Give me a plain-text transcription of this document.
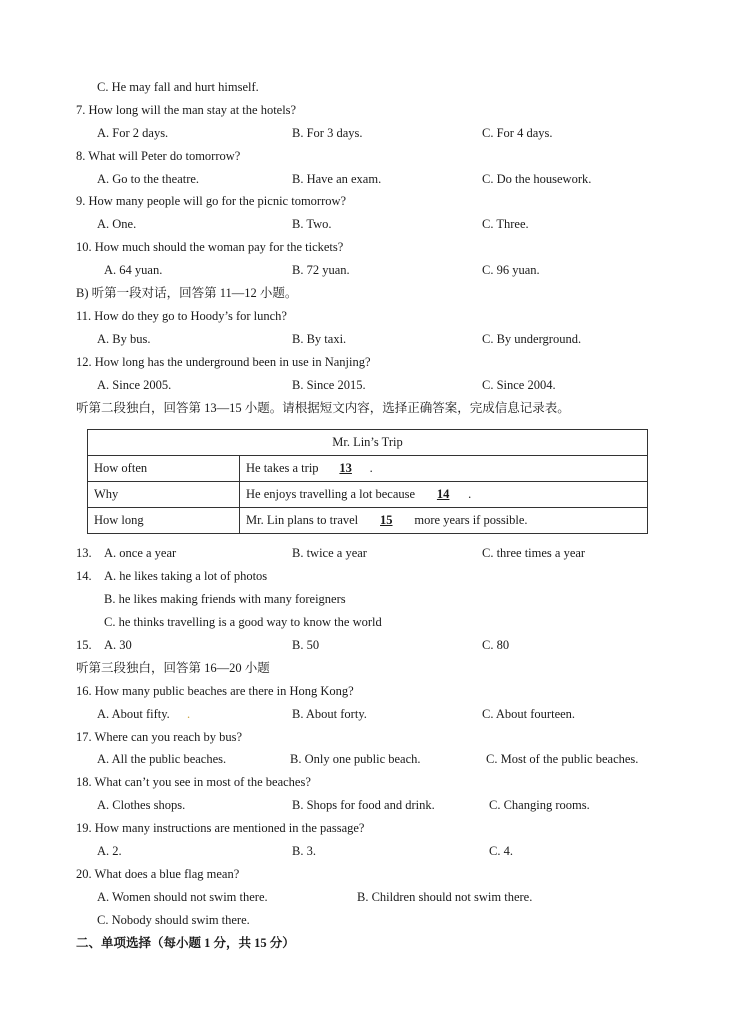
C. He may fall and hurt himself.
7. How long will the man stay at the hotels?
A. For 2 days.	B. For 3 days.	C. For 4 days.
8. What will Peter do tomorrow?
A. Go to the theatre.	B. Have an exam.	C. Do the housework.
9. How many people will go for the picnic tomorrow?
A. One.	B. Two.	C. Three.
10. How much should the woman pay for the tickets?
A. 64 yuan.	B. 72 yuan.	C. 96 yuan.
B) 听第一段对话，回答第 11—12 小题。
11. How do they go to Hoody’s for lunch?
A. By bus.	B. By taxi.	C. By underground.
12. How long has the underground been in use in Nanjing?
A. Since 2005.	B. Since 2015.	C. Since 2004.
听第二段独白，回答第 13—15 小题。请根据短文内容，选择正确答案，完成信息记录表。
Mr. Lin’s Trip	
How often	He takes a trip 13 .
Why	He enjoys travelling a lot because 14 .
How long	Mr. Lin plans to travel 15 more years if possible.
13. A. once a year	B. twice a year	C. three times a year
14. A. he likes taking a lot of photos
B. he likes making friends with many foreigners
C. he thinks travelling is a good way to know the world
15. A. 30	B. 50	C. 80
听第三段独白，回答第 16—20 小题
16. How many public beaches are there in Hong Kong?
A. About fifty. .	B. About forty.	C. About fourteen.
17. Where can you reach by bus?
A. All the public beaches.	B. Only one public beach.	C. Most of the public beaches.
18. What can’t you see in most of the beaches?
A. Clothes shops.	B. Shops for food and drink.	C. Changing rooms.
19. How many instructions are mentioned in the passage?
A. 2.	B. 3.	C. 4.
20. What does a blue flag mean?
A. Women should not swim there.	B. Children should not swim there.
C. Nobody should swim there.
二、单项选择（每小题 1 分，共 15 分）
